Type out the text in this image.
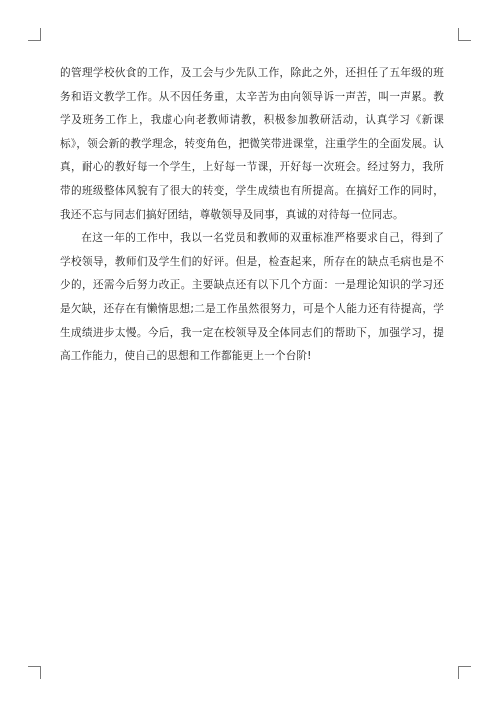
的管理学校伙食的工作，及工会与少先队工作，除此之外，还担任了五年级的班务和语文教学工作。从不因任务重，太辛苦为由向领导诉一声苦，叫一声累。教学及班务工作上，我虚心向老教师请教，积极参加教研活动，认真学习《新课标》，领会新的教学理念，转变角色，把微笑带进课堂，注重学生的全面发展。认真，耐心的教好每一个学生，上好每一节课，开好每一次班会。经过努力，我所带的班级整体风貌有了很大的转变，学生成绩也有所提高。在搞好工作的同时，我还不忘与同志们搞好团结，尊敬领导及同事，真诚的对待每一位同志。

在这一年的工作中，我以一名党员和教师的双重标准严格要求自己，得到了学校领导，教师们及学生们的好评。但是，检查起来，所存在的缺点毛病也是不少的，还需今后努力改正。主要缺点还有以下几个方面：一是理论知识的学习还是欠缺，还存在有懒惰思想;二是工作虽然很努力，可是个人能力还有待提高，学生成绩进步太慢。今后，我一定在校领导及全体同志们的帮助下，加强学习，提高工作能力，使自己的思想和工作都能更上一个台阶!
